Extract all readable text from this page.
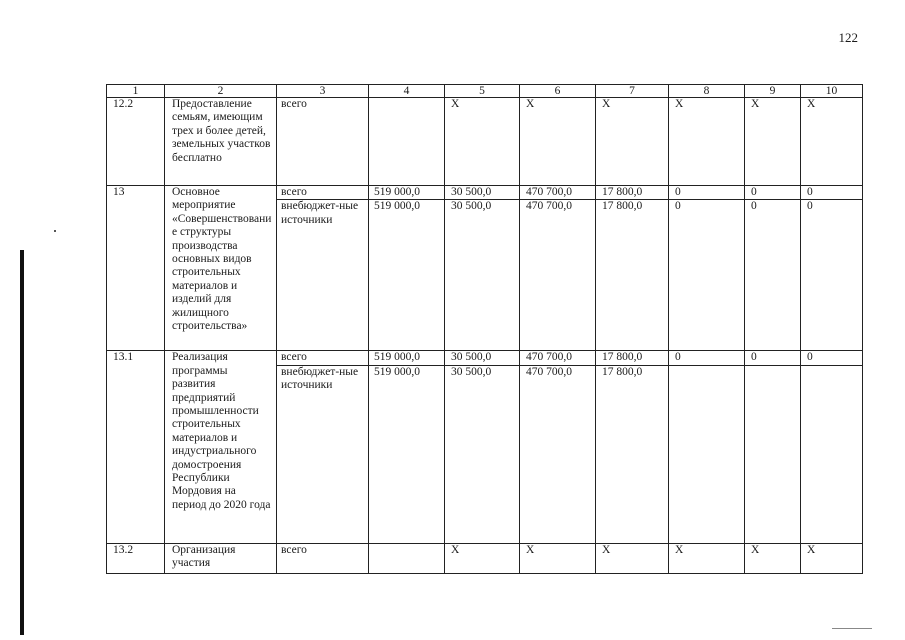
122
1	2	3	4	5	6	7	8	9	10
12.2	Предоставление семьям, имеющим трех и более детей, земельных участков бесплатно	всего		X	X	X	X	X	X
13	Основное мероприятие «Совершенствование структуры производства основных видов строительных материалов и изделий для жилищного строительства»	всего	519 000,0	30 500,0	470 700,0	17 800,0	0	0	0
		внебюджет-ные источники	519 000,0	30 500,0	470 700,0	17 800,0	0	0	0
13.1	Реализация программы развития предприятий промышленности строительных материалов и индустриального домостроения Республики Мордовия на период до 2020 года	всего	519 000,0	30 500,0	470 700,0	17 800,0	0	0	0
		внебюджет-ные источники	519 000,0	30 500,0	470 700,0	17 800,0			
13.2	Организация участия	всего		X	X	X	X	X	X
